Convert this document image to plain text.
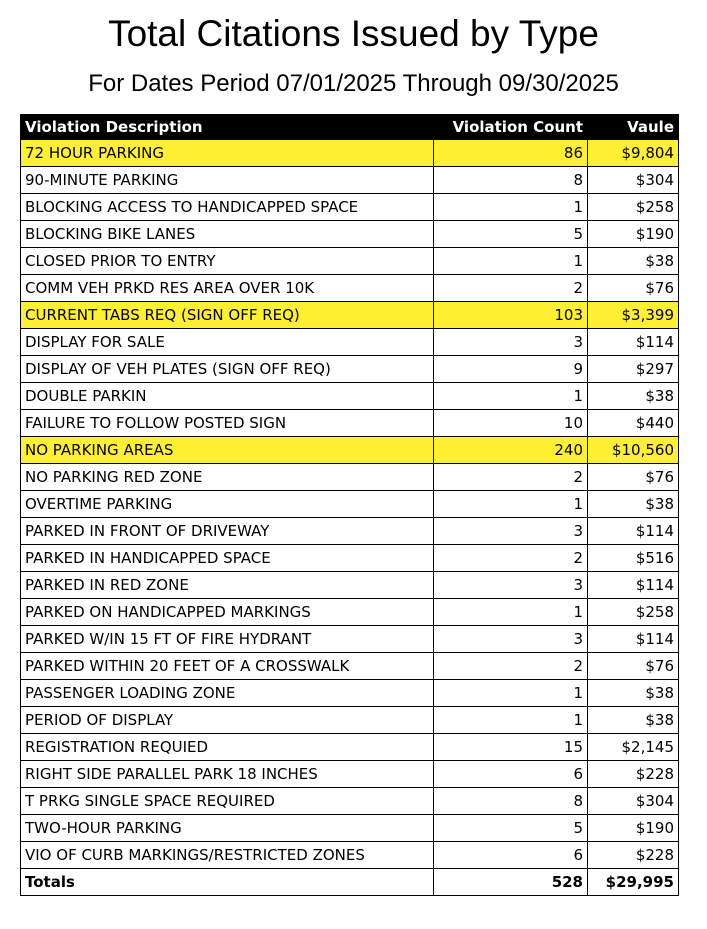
Total Citations Issued by Type
For Dates Period 07/01/2025 Through 09/30/2025
Violation Description	Violation Count	Vaule
72 HOUR PARKING	86	$9,804
90-MINUTE PARKING	8	$304
BLOCKING ACCESS TO HANDICAPPED SPACE	1	$258
BLOCKING BIKE LANES	5	$190
CLOSED PRIOR TO ENTRY	1	$38
COMM VEH PRKD RES AREA OVER 10K	2	$76
CURRENT TABS REQ (SIGN OFF REQ)	103	$3,399
DISPLAY FOR SALE	3	$114
DISPLAY OF VEH PLATES (SIGN OFF REQ)	9	$297
DOUBLE PARKIN	1	$38
FAILURE TO FOLLOW POSTED SIGN	10	$440
NO PARKING AREAS	240	$10,560
NO PARKING RED ZONE	2	$76
OVERTIME PARKING	1	$38
PARKED IN FRONT OF DRIVEWAY	3	$114
PARKED IN HANDICAPPED SPACE	2	$516
PARKED IN RED ZONE	3	$114
PARKED ON HANDICAPPED MARKINGS	1	$258
PARKED W/IN 15 FT OF FIRE HYDRANT	3	$114
PARKED WITHIN 20 FEET OF A CROSSWALK	2	$76
PASSENGER LOADING ZONE	1	$38
PERIOD OF DISPLAY	1	$38
REGISTRATION REQUIED	15	$2,145
RIGHT SIDE PARALLEL PARK 18 INCHES	6	$228
T PRKG SINGLE SPACE REQUIRED	8	$304
TWO-HOUR PARKING	5	$190
VIO OF CURB MARKINGS/RESTRICTED ZONES	6	$228
Totals	528	$29,995
